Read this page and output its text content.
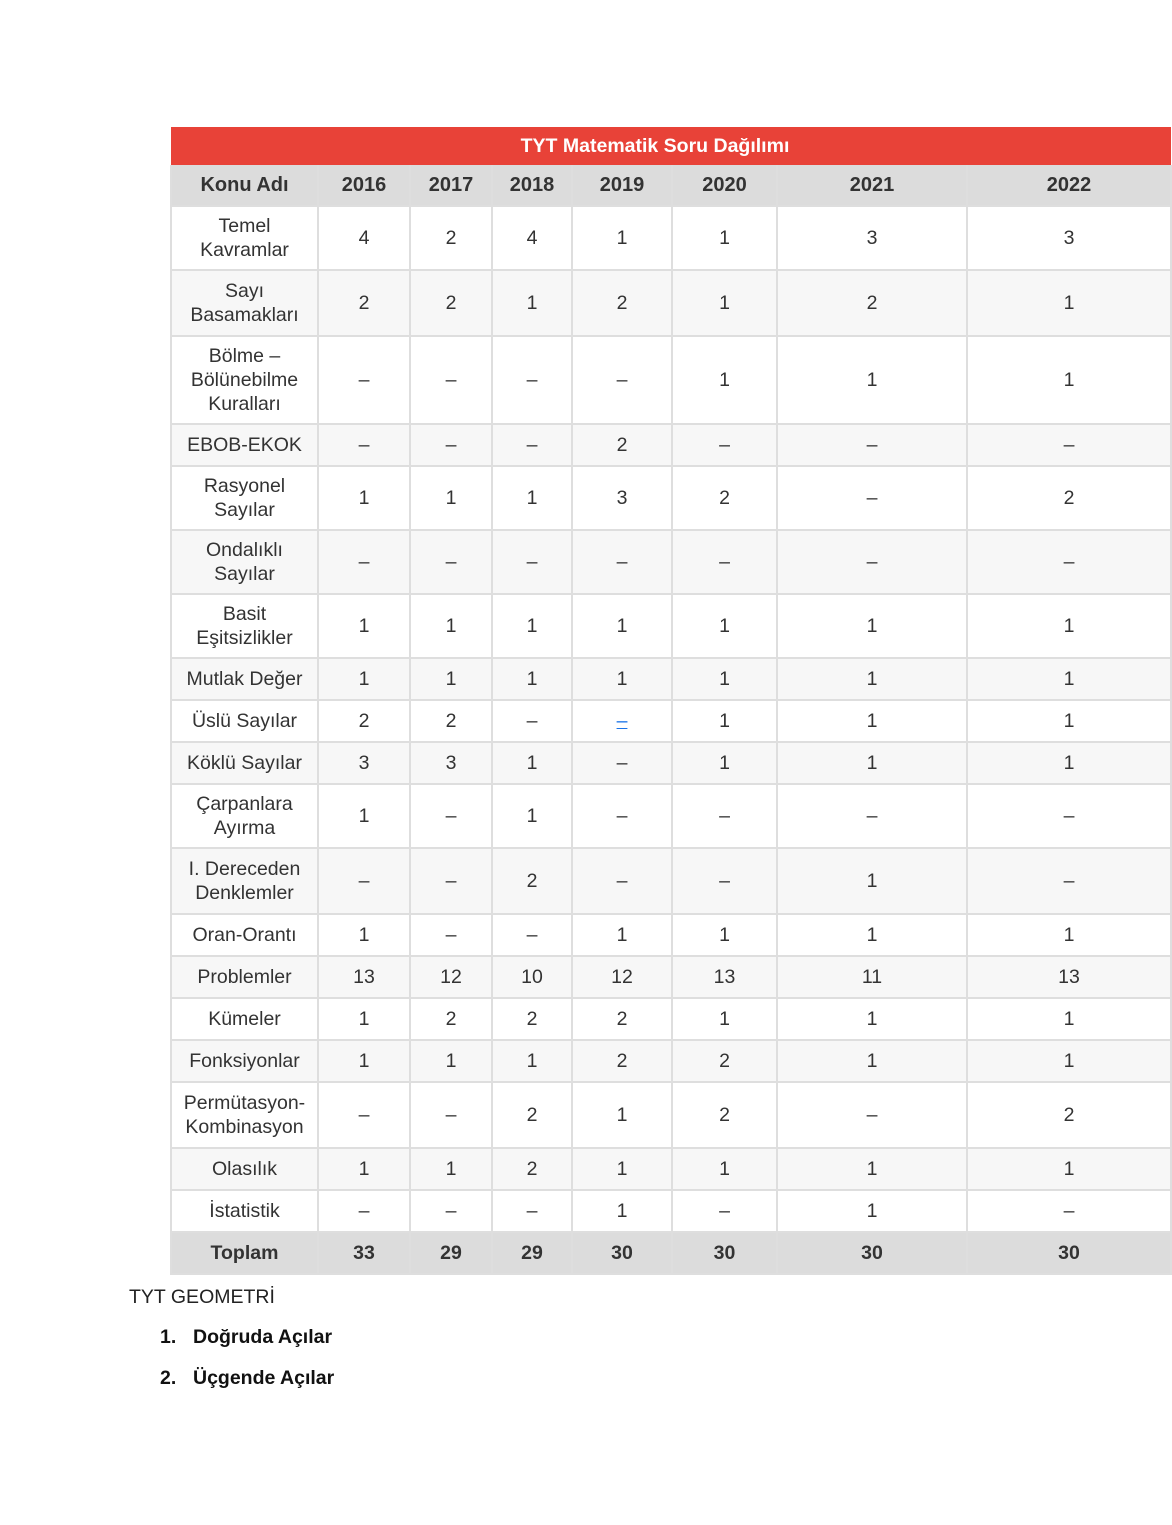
TYT Matematik Soru Dağılımı							
Konu Adı	2016	2017	2018	2019	2020	2021	2022
Temel Kavramlar	4	2	4	1	1	3	3
Sayı Basamakları	2	2	1	2	1	2	1
Bölme – Bölünebilme Kuralları	–	–	–	–	1	1	1
EBOB-EKOK	–	–	–	2	–	–	–
Rasyonel Sayılar	1	1	1	3	2	–	2
Ondalıklı Sayılar	–	–	–	–	–	–	–
Basit Eşitsizlikler	1	1	1	1	1	1	1
Mutlak Değer	1	1	1	1	1	1	1
Üslü Sayılar	2	2	–	–	1	1	1
Köklü Sayılar	3	3	1	–	1	1	1
Çarpanlara Ayırma	1	–	1	–	–	–	–
I. Dereceden Denklemler	–	–	2	–	–	1	–
Oran-Orantı	1	–	–	1	1	1	1
Problemler	13	12	10	12	13	11	13
Kümeler	1	2	2	2	1	1	1
Fonksiyonlar	1	1	1	2	2	1	1
Permütasyon-Kombinasyon	–	–	2	1	2	–	2
Olasılık	1	1	2	1	1	1	1
İstatistik	–	–	–	1	–	1	–
Toplam	33	29	29	30	30	30	30
TYT GEOMETRİ
1. Doğruda Açılar
2. Üçgende Açılar
